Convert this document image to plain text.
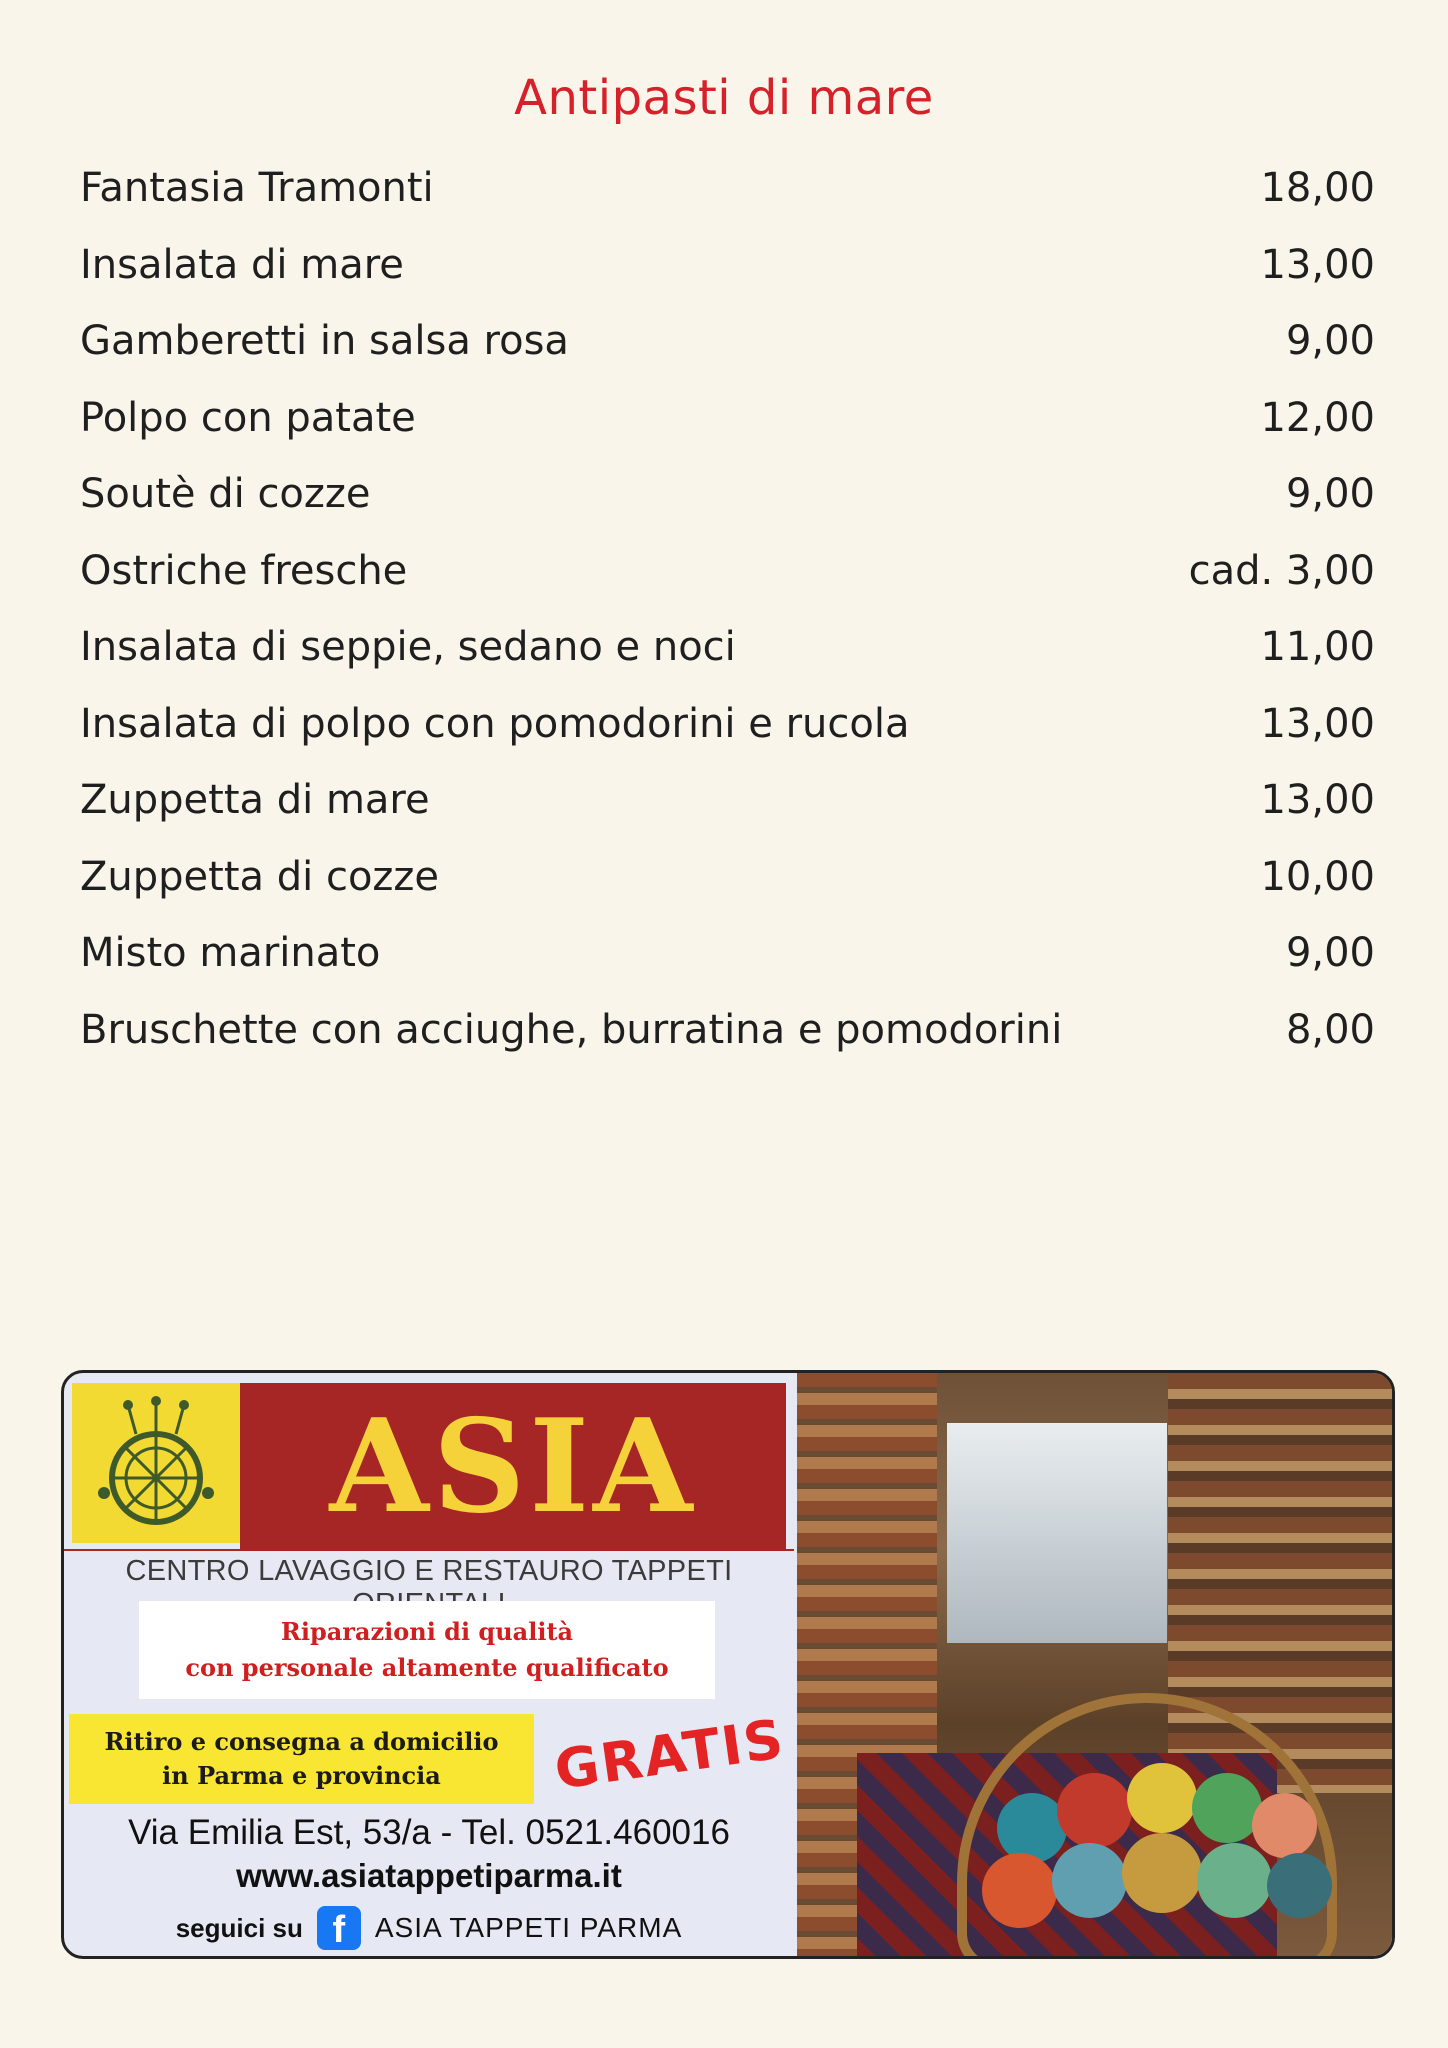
Antipasti di mare
Fantasia Tramonti	18,00
Insalata di mare	13,00
Gamberetti in salsa rosa	9,00
Polpo con patate	12,00
Soutè di cozze	9,00
Ostriche fresche	cad. 3,00
Insalata di seppie, sedano e noci	11,00
Insalata di polpo con pomodorini e rucola	13,00
Zuppetta di mare	13,00
Zuppetta di cozze	10,00
Misto marinato	9,00
Bruschette con acciughe, burratina e pomodorini	8,00
ASIA
CENTRO LAVAGGIO E RESTAURO TAPPETI
Riparazioni di qualità
con personale altamente qualificato
Ritiro e consegna a domicilio
in Parma e provincia	GRATIS
Via Emilia Est, 53/a - Tel. 0521.460016
www.asiatappetiparma.it
seguici su f	ASIA TAPPETI PARMA
